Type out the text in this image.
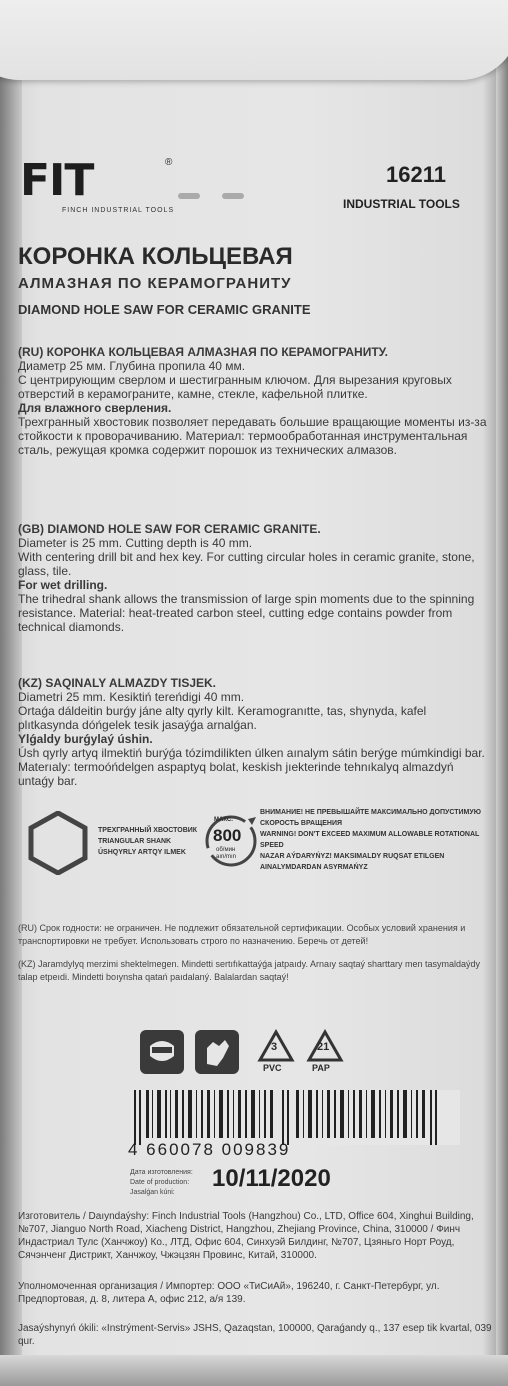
FIT	®
FINCH INDUSTRIAL TOOLS
16211
INDUSTRIAL TOOLS
КОРОНКА КОЛЬЦЕВАЯ
АЛМАЗНАЯ ПО КЕРАМОГРАНИТУ
DIAMOND HOLE SAW FOR CERAMIC GRANITE
(RU) КОРОНКА КОЛЬЦЕВАЯ АЛМАЗНАЯ ПО КЕРАМОГРАНИТУ.
Диаметр 25 мм. Глубина пропила 40 мм.
С центрирующим сверлом и шестигранным ключом. Для вырезания круговых отверстий в керамограните, камне, стекле, кафельной плитке.
Для влажного сверления.
Трехгранный хвостовик позволяет передавать большие вращающие моменты из-за стойкости к проворачиванию. Материал: термообработанная инструментальная сталь, режущая кромка содержит порошок из технических алмазов.
(GB) DIAMOND HOLE SAW FOR CERAMIC GRANITE.
Diameter is 25 mm. Cutting depth is 40 mm.
With centering drill bit and hex key. For cutting circular holes in ceramic granite, stone, glass, tile.
For wet drilling.
The trihedral shank allows the transmission of large spin moments due to the spinning resistance. Material: heat-treated carbon steel, cutting edge contains powder from technical diamonds.
(KZ) SAQINALY ALMAZDY TISJEK.
Diametri 25 mm. Kesiktiń tereńdigi 40 mm.
Ortaǵa dáldeitin burǵy jáne alty qyrly kilt. Keramogranıtte, tas, shynyda, kafel plıtkasynda dóńgelek tesik jasaýǵa arnalǵan.
Ylǵaldy burǵylaý úshin.
Úsh qyrly artyq ilmektiń burýǵa tózimdilikten úlken aınalym sátin berýge múmkindigi bar. Materıaly: termoóńdelgen aspaptyq bolat, keskish jıekterinde tehnıkalyq almazdyń untaǵy bar.
ТРЕХГРАННЫЙ ХВОСТОВИК
TRIANGULAR SHANK
ÚSHQYRLY ARTQY ILMEK
МАКС.
800
об/мин
aın/mın
ВНИМАНИЕ! НЕ ПРЕВЫШАЙТЕ МАКСИМАЛЬНО ДОПУСТИМУЮ СКОРОСТЬ ВРАЩЕНИЯ
WARNING! DON'T EXCEED MAXIMUM ALLOWABLE ROTATIONAL SPEED
NAZAR AÝDARYŃYZ! MAKSIMALDY RUQSAT ETILGEN AINALYMDARDAN ASYRMAŃYZ
(RU) Срок годности: не ограничен. Не подлежит обязательной сертификации. Особых условий хранения и транспортировки не требует. Использовать строго по назначению. Беречь от детей!
(KZ) Jaramdylyq merzimi shektelmegen. Mindetti sertıfıkattaýǵa jatpaıdy. Arnaıy saqtaý sharttary men tasymaldaýdy talap etpeıdi. Mindetti boıynsha qatań paıdalaný. Balalardan saqtaý!
3
PVC
21
PAP
4 660078 009839
Дата изготовления:
Date of production:
Jasalǵan kúni:
10/11/2020
Изготовитель / Daıyndaýshy: Finch Industrial Tools (Hangzhou) Co., LTD, Office 604, Xinghui Building, №707, Jianguo North Road, Xiacheng District, Hangzhou, Zhejiang Province, China, 310000 / Финч Индастриал Тулс (Ханчжоу) Ко., ЛТД, Офис 604, Синхуэй Билдинг, №707, Цзяньго Норт Роуд, Сячэнченг Дистрикт, Ханчжоу, Чжэцзян Провинс, Китай, 310000.
Уполномоченная организация / Импортер: ООО «ТиСиАй», 196240, г. Санкт-Петербург, ул. Предпортовая, д. 8, литера А, офис 212, а/я 139.
Jasaýshynyń ókili: «Instrýment-Servis» JSHS, Qazaqstan, 100000, Qaraǵandy q., 137 esep tik kvartal, 039 qur.
